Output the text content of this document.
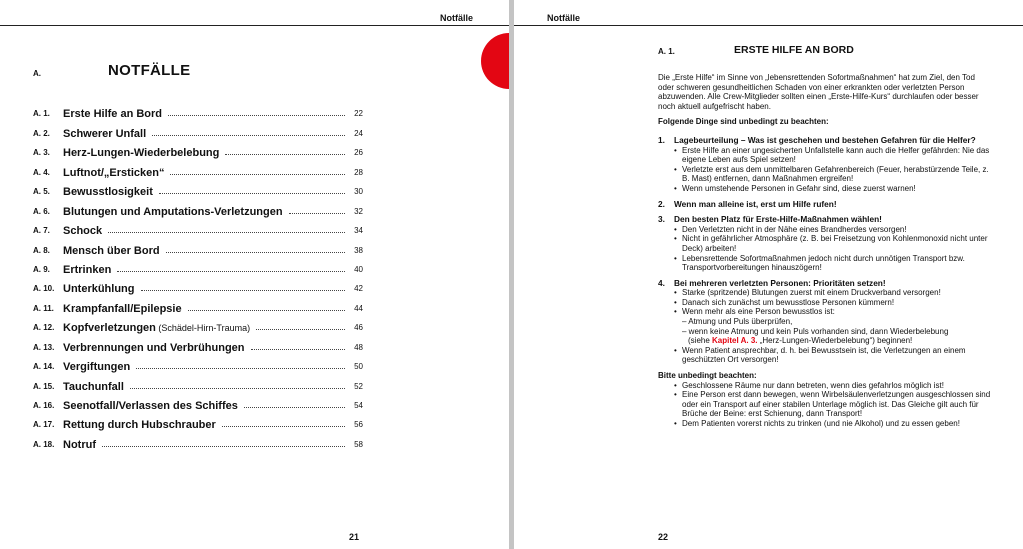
Notfälle
A.	NOTFÄLLE
A. 1.	Erste Hilfe an Bord	22
A. 2.	Schwerer Unfall	24
A. 3.	Herz-Lungen-Wiederbelebung	26
A. 4.	Luftnot/„Ersticken“	28
A. 5.	Bewusstlosigkeit	30
A. 6.	Blutungen und Amputations-Verletzungen	32
A. 7.	Schock	34
A. 8.	Mensch über Bord	38
A. 9.	Ertrinken	40
A. 10. Unterkühlung	42
A. 11. Krampfanfall/Epilepsie	44
A. 12. Kopfverletzungen (Schädel-Hirn-Trauma)	46
A. 13. Verbrennungen und Verbrühungen	48
A. 14. Vergiftungen	50
A. 15. Tauchunfall	52
A. 16. Seenotfall/Verlassen des Schiffes	54
A. 17. Rettung durch Hubschrauber	56
A. 18. Notruf	58
21
Notfälle
A. 1.	ERSTE HILFE AN BORD

Die „Erste Hilfe“ im Sinne von „lebensrettenden Sofortmaßnahmen“ hat zum Ziel, den Tod oder schweren gesundheitlichen Schaden von einer erkrankten oder verletzten Person abzuwenden. Alle Crew-Mitglieder sollten einen „Erste-Hilfe-Kurs“ durchlaufen oder besser noch aktuell aufgefrischt haben.

Folgende Dinge sind unbedingt zu beachten:

1.	Lagebeurteilung – Was ist geschehen und bestehen Gefahren für die Helfer?
• Erste Hilfe an einer ungesicherten Unfallstelle kann auch die Helfer gefährden: Nie das eigene Leben aufs Spiel setzen!
• Verletzte erst aus dem unmittelbaren Gefahrenbereich (Feuer, herabstürzende Teile, z. B. Mast) entfernen, dann Maßnahmen ergreifen!
• Wenn umstehende Personen in Gefahr sind, diese zuerst warnen!
2.	Wenn man alleine ist, erst um Hilfe rufen!
3.	Den besten Platz für Erste-Hilfe-Maßnahmen wählen!
• Den Verletzten nicht in der Nähe eines Brandherdes versorgen!
• Nicht in gefährlicher Atmosphäre (z. B. bei Freisetzung von Kohlenmonoxid nicht unter Deck) arbeiten!
• Lebensrettende Sofortmaßnahmen jedoch nicht durch unnötigen Transport bzw. Transportvorbereitungen hinauszögern!
4.	Bei mehreren verletzten Personen: Prioritäten setzen!
• Starke (spritzende) Blutungen zuerst mit einem Druckverband versorgen!
• Danach sich zunächst um bewusstlose Personen kümmern!
• Wenn mehr als eine Person bewusstlos ist:
– Atmung und Puls überprüfen,
– wenn keine Atmung und kein Puls vorhanden sind, dann Wiederbelebung
(siehe Kapitel A. 3. „Herz-Lungen-Wiederbelebung“) beginnen!
• Wenn Patient ansprechbar, d. h. bei Bewusstsein ist, die Verletzungen an einem geschützten Ort versorgen!

Bitte unbedingt beachten:

• Geschlossene Räume nur dann betreten, wenn dies gefahrlos möglich ist!
• Eine Person erst dann bewegen, wenn Wirbelsäulenverletzungen ausgeschlossen sind oder ein Transport auf einer stabilen Unterlage möglich ist. Das Gleiche gilt auch für Brüche der Beine: erst Schienung, dann Transport!
• Dem Patienten vorerst nichts zu trinken (und nie Alkohol) und zu essen geben!
22
